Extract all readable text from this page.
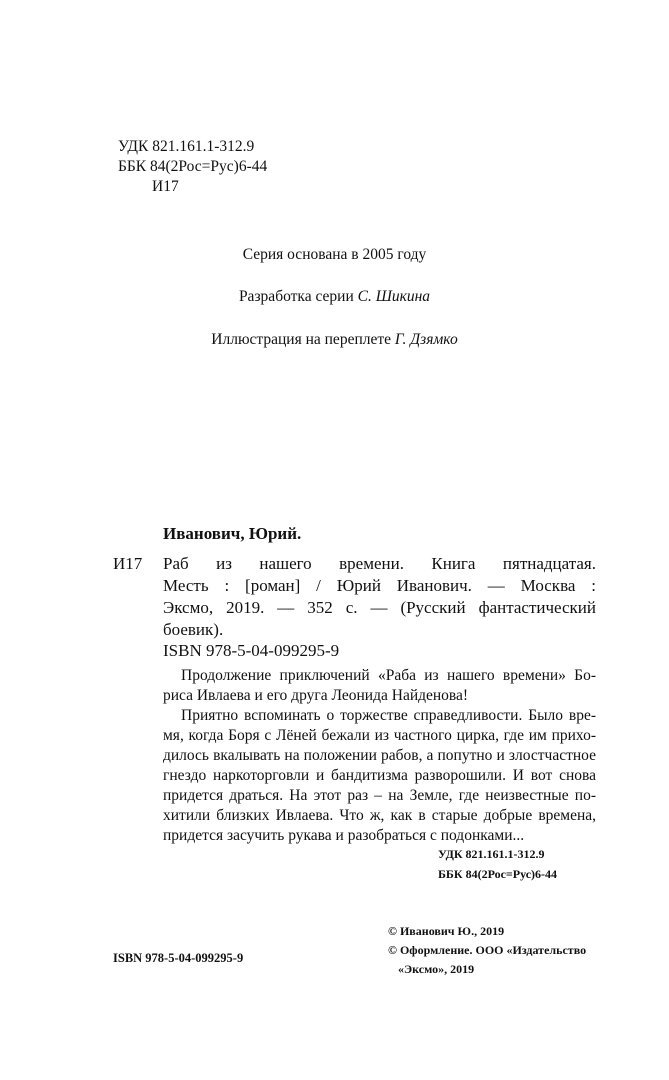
УДК 821.161.1-312.9
ББК 84(2Рос=Рус)6-44
И17
Серия основана в 2005 году
Разработка серии С. Шикина
Иллюстрация на переплете Г. Дзямко
Иванович, Юрий.
И17 Раб из нашего времени. Книга пятнадцатая.
Месть : [роман] / Юрий Иванович. — Москва :
Эксмо, 2019. — 352 с. — (Русский фантастический
боевик).
ISBN 978-5-04-099295-9
Продолжение приключений «Раба из нашего времени» Бо-
риса Ивлаева и его друга Леонида Найденова!
Приятно вспоминать о торжестве справедливости. Было вре-
мя, когда Боря с Лёней бежали из частного цирка, где им прихо-
дилось вкалывать на положении рабов, а попутно и злостчастное
гнездо наркоторговли и бандитизма разворошили. И вот снова
придется драться. На этот раз – на Земле, где неизвестные по-
хитили близких Ивлаева. Что ж, как в старые добрые времена,
придется засучить рукава и разобраться с подонками...
УДК 821.161.1-312.9
ББК 84(2Рос=Рус)6-44
© Иванович Ю., 2019
© Оформление. ООО «Издательство
«Эксмо», 2019
ISBN 978-5-04-099295-9
